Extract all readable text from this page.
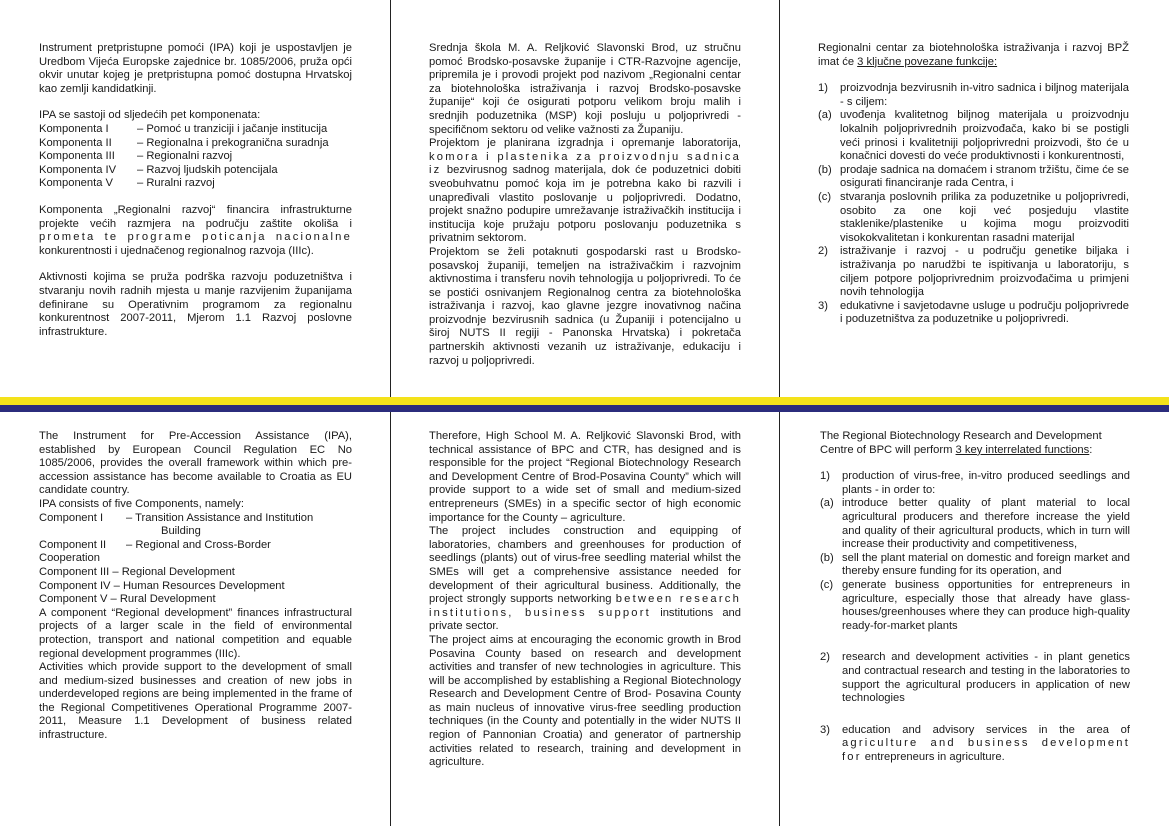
Instrument pretpristupne pomoći (IPA) koji je uspostavljen je Uredbom Vijeća Europske zajednice br. 1085/2006, pruža opći okvir unutar kojeg je pretpristupna pomoć dostupna Hrvatskoj kao zemlji kandidatkinji.

IPA se sastoji od sljedećih pet komponenata:

Komponenta I	– Pomoć u tranziciji i jačanje institucija
Komponenta II	– Regionalna i prekogranična suradnja
Komponenta III	– Regionalni razvoj
Komponenta IV	– Razvoj ljudskih potencijala
Komponenta V	– Ruralni razvoj

Komponenta „Regionalni razvoj“ financira infrastrukturne projekte većih razmjera na području zaštite okoliša i prometa te programe poticanja nacionalne konkurentnosti i ujednačenog regionalnog razvoja (IIIc).

Aktivnosti kojima se pruža podrška razvoju poduzetništva i stvaranju novih radnih mjesta u manje razvijenim županijama definirane su Operativnim programom za regionalnu konkurentnost 2007-2011, Mjerom 1.1 Razvoj poslovne infrastrukture.

Srednja škola M. A. Reljković Slavonski Brod, uz stručnu pomoć Brodsko-posavske županije i CTR-Razvojne agencije, pripremila je i provodi projekt pod nazivom „Regionalni centar za biotehnološka istraživanja i razvoj Brodsko-posavske županije“ koji će osigurati potporu velikom broju malih i srednjih poduzetnika (MSP) koji posluju u poljoprivredi - specifičnom sektoru od velike važnosti za Županiju.

Projektom je planirana izgradnja i opremanje laboratorija, komora i plastenika za proizvodnju sadnica iz bezvirusnog sadnog materijala, dok će poduzetnici dobiti sveobuhvatnu pomoć koja im je potrebna kako bi razvili i unapređivali vlastito poslovanje u poljoprivredi. Dodatno, projekt snažno podupire umrežavanje istraživačkih institucija i institucija koje pružaju potporu poslovanju poduzetnika s privatnim sektorom.

Projektom se želi potaknuti gospodarski rast u Brodsko-posavskoj županiji, temeljen na istraživačkim i razvojnim aktivnostima i transferu novih tehnologija u poljoprivredi. To će se postići osnivanjem Regionalnog centra za biotehnološka istraživanja i razvoj, kao glavne jezgre inovativnog načina proizvodnje bezvirusnih sadnica (u Županiji i potencijalno u široj NUTS II regiji - Panonska Hrvatska) i pokretača partnerskih aktivnosti vezanih uz istraživanje, edukaciju i razvoj u poljoprivredi.

Regionalni centar za biotehnološka istraživanja i razvoj BPŽ imat će 3 ključne povezane funkcije:

1)	proizvodnja bezvirusnih in-vitro sadnica i biljnog materijala - s ciljem:
(a) uvođenja kvalitetnog biljnog materijala u proizvodnju lokalnih poljoprivrednih proizvođača, kako bi se postigli veći prinosi i kvalitetniji poljoprivredni proizvodi, što će u konačnici dovesti do veće produktivnosti i konkurentnosti,
(b) prodaje sadnica na domaćem i stranom tržištu, čime će se osigurati financiranje rada Centra, i
(c) stvaranja poslovnih prilika za poduzetnike u poljoprivredi, osobito za one koji već posjeduju vlastite staklenike/plastenike u kojima mogu proizvoditi visokokvalitetan i konkurentan rasadni materijal
2)	istraživanje i razvoj - u području genetike biljaka i istraživanja po narudžbi te ispitivanja u laboratoriju, s ciljem potpore poljoprivrednim proizvođačima u primjeni novih tehnologija
3)	edukativne i savjetodavne usluge u području poljoprivrede i poduzetništva za poduzetnike u poljoprivredi.

The Instrument for Pre-Accession Assistance (IPA), established by European Council Regulation EC No 1085/2006, provides the overall framework within which pre-accession assistance has become available to Croatia as EU candidate country.

IPA consists of five Components, namely:

Component I	– Transition Assistance and Institution
Building
Component II	– Regional and Cross-Border
Cooperation
Component III – Regional Development
Component IV – Human Resources Development
Component V – Rural Development

A component “Regional development” finances infrastructural projects of a larger scale in the field of environmental protection, transport and national competition and equable regional development programmes (IIIc).

Activities which provide support to the development of small and medium-sized businesses and creation of new jobs in underdeveloped regions are being implemented in the frame of the Regional Competitivenes Operational Programme 2007-2011, Measure 1.1 Development of business related infrastructure.

Therefore, High School M. A. Reljković Slavonski Brod, with technical assistance of BPC and CTR, has designed and is responsible for the project “Regional Biotechnology Research and Development Centre of Brod-Posavina County” which will provide support to a wide set of small and medium-sized entrepreneurs (SMEs) in a specific sector of high economic importance for the County – agriculture.

The project includes construction and equipping of laboratories, chambers and greenhouses for production of seedlings (plants) out of virus-free seedling material whilst the SMEs will get a comprehensive assistance needed for development of their agricultural business. Additionally, the project strongly supports networking between research institutions, business support institutions and private sector.

The project aims at encouraging the economic growth in Brod Posavina County based on research and development activities and transfer of new technologies in agriculture. This will be accomplished by establishing a Regional Biotechnology Research and Development Centre of Brod- Posavina County as main nucleus of innovative virus-free seedling production techniques (in the County and potentially in the wider NUTS II region of Pannonian Croatia) and generator of partnership activities related to research, training and development in agriculture.

The Regional Biotechnology Research and Development Centre of BPC will perform 3 key interrelated functions:

1)	production of virus-free, in-vitro produced seedlings and plants - in order to:
(a) introduce better quality of plant material to local agricultural producers and therefore increase the yield and quality of their agricultural products, which in turn will increase their productivity and competitiveness,
(b) sell the plant material on domestic and foreign market and thereby ensure funding for its operation, and
(c) generate business opportunities for entrepreneurs in agriculture, especially those that already have glass-houses/greenhouses where they can produce high-quality ready-for-market plants
2)	research and development activities - in plant genetics and contractual research and testing in the laboratories to support the agricultural producers in application of new technologies
3)	education and advisory services in the area of agriculture and business development for entrepreneurs in agriculture.
